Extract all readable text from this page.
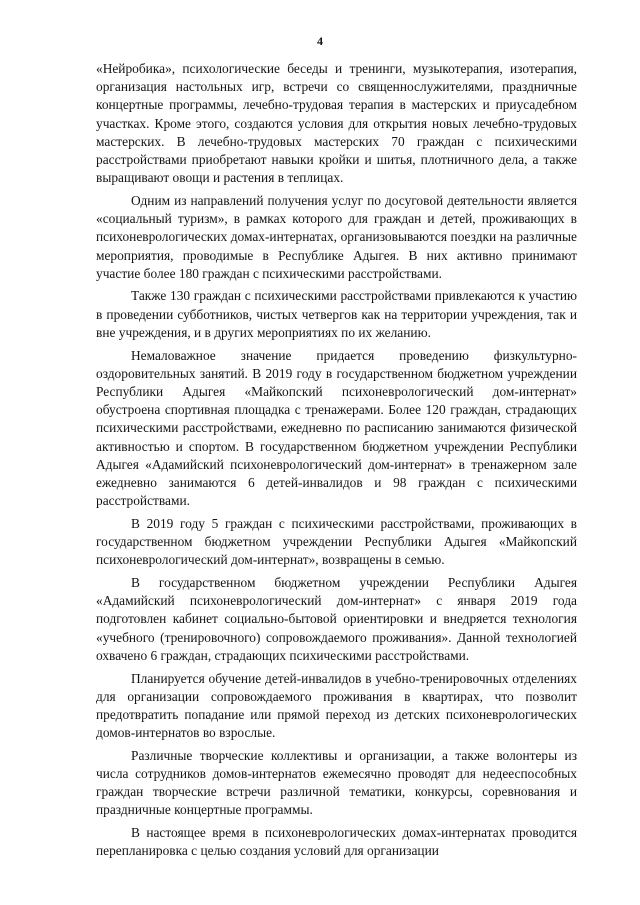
4

«Нейробика», психологические беседы и тренинги, музыкотерапия, изотерапия, организация настольных игр, встречи со священнослужителями, праздничные концертные программы, лечебно-трудовая терапия в мастерских и приусадебном участках. Кроме этого, создаются условия для открытия новых лечебно-трудовых мастерских. В лечебно-трудовых мастерских 70 граждан с психическими расстройствами приобретают навыки кройки и шитья, плотничного дела, а также выращивают овощи и растения в теплицах.

Одним из направлений получения услуг по досуговой деятельности является «социальный туризм», в рамках которого для граждан и детей, проживающих в психоневрологических домах-интернатах, организовываются поездки на различные мероприятия, проводимые в Республике Адыгея. В них активно принимают участие более 180 граждан с психическими расстройствами.

Также 130 граждан с психическими расстройствами привлекаются к участию в проведении субботников, чистых четвергов как на территории учреждения, так и вне учреждения, и в других мероприятиях по их желанию.

Немаловажное значение придается проведению физкультурно-оздоровительных занятий. В 2019 году в государственном бюджетном учреждении Республики Адыгея «Майкопский психоневрологический дом-интернат» обустроена спортивная площадка с тренажерами. Более 120 граждан, страдающих психическими расстройствами, ежедневно по расписанию занимаются физической активностью и спортом. В государственном бюджетном учреждении Республики Адыгея «Адамийский психоневрологический дом-интернат» в тренажерном зале ежедневно занимаются 6 детей-инвалидов и 98 граждан с психическими расстройствами.

В 2019 году 5 граждан с психическими расстройствами, проживающих в государственном бюджетном учреждении Республики Адыгея «Майкопский психоневрологический дом-интернат», возвращены в семью.

В государственном бюджетном учреждении Республики Адыгея «Адамийский психоневрологический дом-интернат» с января 2019 года подготовлен кабинет социально-бытовой ориентировки и внедряется технология «учебного (тренировочного) сопровождаемого проживания». Данной технологией охвачено 6 граждан, страдающих психическими расстройствами.

Планируется обучение детей-инвалидов в учебно-тренировочных отделениях для организации сопровождаемого проживания в квартирах, что позволит предотвратить попадание или прямой переход из детских психоневрологических домов-интернатов во взрослые.

Различные творческие коллективы и организации, а также волонтеры из числа сотрудников домов-интернатов ежемесячно проводят для недееспособных граждан творческие встречи различной тематики, конкурсы, соревнования и праздничные концертные программы.

В настоящее время в психоневрологических домах-интернатах проводится перепланировка с целью создания условий для организации
